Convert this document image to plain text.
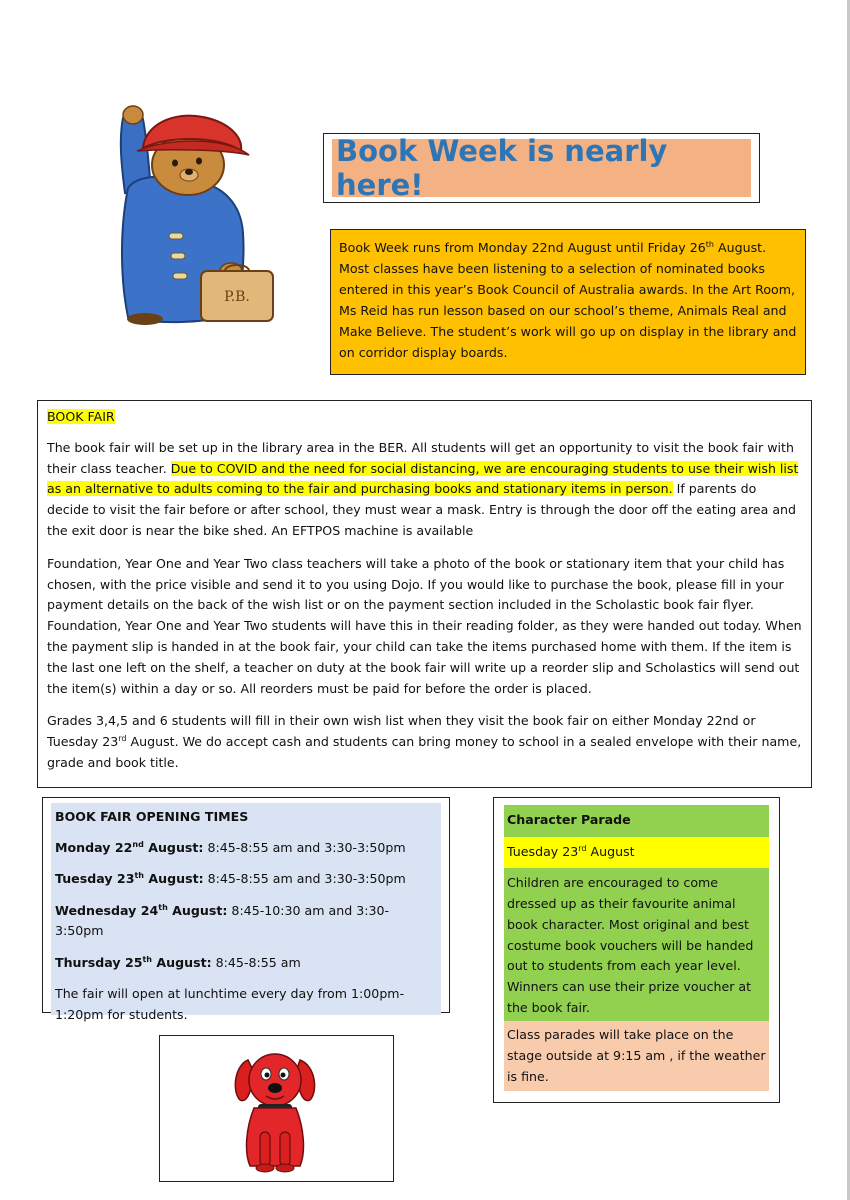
P.B.
Book Week is nearly here!
Book Week runs from Monday 22nd August until Friday 26th August. Most classes have been listening to a selection of nominated books entered in this year’s Book Council of Australia awards. In the Art Room, Ms Reid has run lesson based on our school’s theme, Animals Real and Make Believe. The student’s work will go up on display in the library and on corridor display boards.

BOOK FAIR

The book fair will be set up in the library area in the BER. All students will get an opportunity to visit the book fair with their class teacher. Due to COVID and the need for social distancing, we are encouraging students to use their wish list as an alternative to adults coming to the fair and purchasing books and stationary items in person. If parents do decide to visit the fair before or after school, they must wear a mask. Entry is through the door off the eating area and the exit door is near the bike shed. An EFTPOS machine is available

Foundation, Year One and Year Two class teachers will take a photo of the book or stationary item that your child has chosen, with the price visible and send it to you using Dojo. If you would like to purchase the book, please fill in your payment details on the back of the wish list or on the payment section included in the Scholastic book fair flyer. Foundation, Year One and Year Two students will have this in their reading folder, as they were handed out today. When the payment slip is handed in at the book fair, your child can take the items purchased home with them. If the item is the last one left on the shelf, a teacher on duty at the book fair will write up a reorder slip and Scholastics will send out the item(s) within a day or so. All reorders must be paid for before the order is placed.

Grades 3,4,5 and 6 students will fill in their own wish list when they visit the book fair on either Monday 22nd or Tuesday 23rd August. We do accept cash and students can bring money to school in a sealed envelope with their name, grade and book title.

BOOK FAIR OPENING TIMES

Monday 22nd August: 8:45-8:55 am and 3:30-3:50pm

Tuesday 23th August: 8:45-8:55 am and 3:30-3:50pm

Wednesday 24th August: 8:45-10:30 am and 3:30-3:50pm

Thursday 25th August: 8:45-8:55 am

The fair will open at lunchtime every day from 1:00pm-1:20pm for students.

Character Parade
Tuesday 23rd August
Children are encouraged to come dressed up as their favourite animal book character. Most original and best costume book vouchers will be handed out to students from each year level. Winners can use their prize voucher at the book fair.
Class parades will take place on the stage outside at 9:15 am , if the weather is fine.
